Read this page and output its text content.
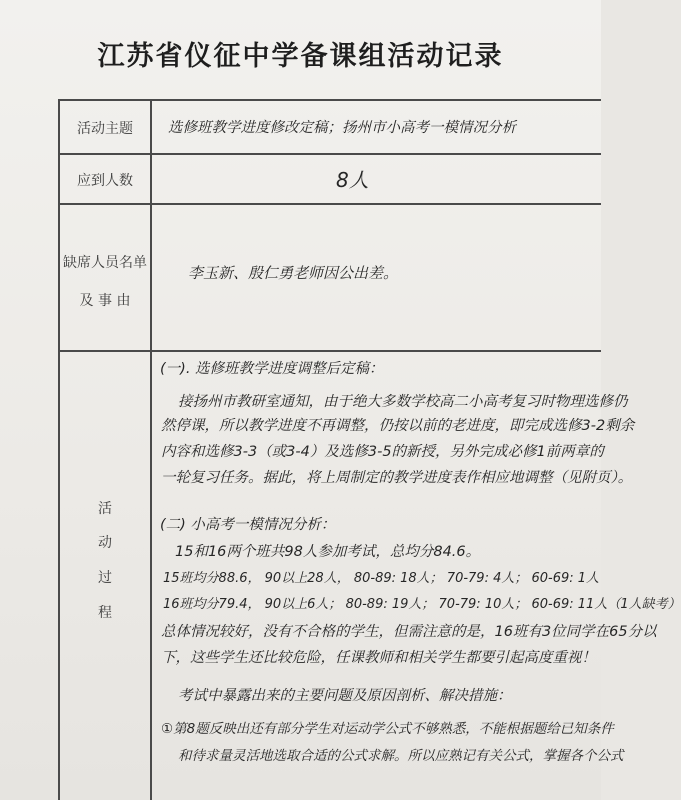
江苏省仪征中学备课组活动记录
活动主题
应到人数
缺席人员名单
及 事 由
活
动
过
程
选修班教学进度修改定稿；扬州市小高考一模情况分析
8人
李玉新、殷仁勇老师因公出差。
(一). 选修班教学进度调整后定稿：
接扬州市教研室通知，由于绝大多数学校高二小高考复习时物理选修仍
然停课，所以教学进度不再调整，仍按以前的老进度，即完成选修3-2剩余
内容和选修3-3（或3-4）及选修3-5的新授，另外完成必修1前两章的
一轮复习任务。据此，将上周制定的教学进度表作相应地调整（见附页）。
(二) 小高考一模情况分析：
15和16两个班共98人参加考试，总均分84.6。
15班均分88.6， 90以上28人， 80-89: 18人； 70-79: 4人； 60-69: 1人
16班均分79.4， 90以上6人； 80-89: 19人； 70-79: 10人； 60-69: 11人（1人缺考）
总体情况较好，没有不合格的学生，但需注意的是，16班有3位同学在65分以
下，这些学生还比较危险，任课教师和相关学生都要引起高度重视！
考试中暴露出来的主要问题及原因剖析、解决措施：
①第8题反映出还有部分学生对运动学公式不够熟悉，不能根据题给已知条件
和待求量灵活地选取合适的公式求解。所以应熟记有关公式，掌握各个公式
